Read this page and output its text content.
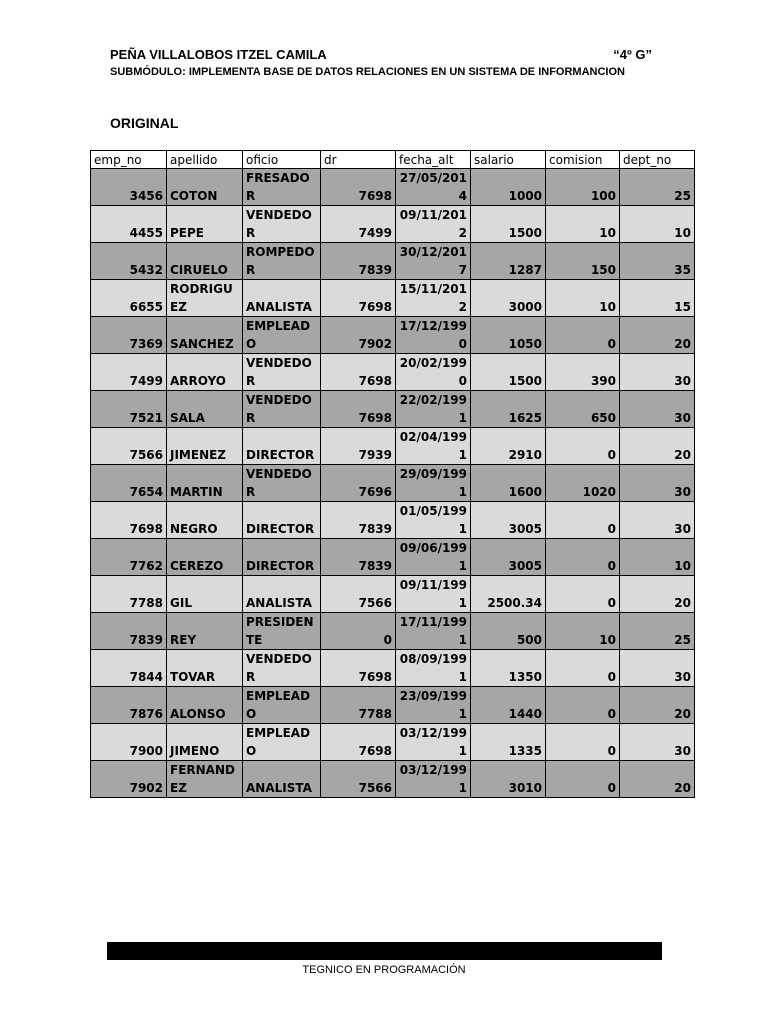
PEÑA VILLALOBOS ITZEL CAMILA	“4º G”
SUBMÓDULO: IMPLEMENTA BASE DE DATOS RELACIONES EN UN SISTEMA DE INFORMANCION
ORIGINAL
emp_no	apellido	oficio	dr	fecha_alt	salario	comision	dept_no
3456	COTON	FRESADOR	7698	27/05/2014	1000	100	25
4455	PEPE	VENDEDOR	7499	09/11/2012	1500	10	10
5432	CIRUELO	ROMPEDOR	7839	30/12/2017	1287	150	35
6655	RODRIGUEZ	ANALISTA	7698	15/11/2012	3000	10	15
7369	SANCHEZ	EMPLEADO	7902	17/12/1990	1050	0	20
7499	ARROYO	VENDEDOR	7698	20/02/1990	1500	390	30
7521	SALA	VENDEDOR	7698	22/02/1991	1625	650	30
7566	JIMENEZ	DIRECTOR	7939	02/04/1991	2910	0	20
7654	MARTIN	VENDEDOR	7696	29/09/1991	1600	1020	30
7698	NEGRO	DIRECTOR	7839	01/05/1991	3005	0	30
7762	CEREZO	DIRECTOR	7839	09/06/1991	3005	0	10
7788	GIL	ANALISTA	7566	09/11/1991	2500.34	0	20
7839	REY	PRESIDENTE	0	17/11/1991	500	10	25
7844	TOVAR	VENDEDOR	7698	08/09/1991	1350	0	30
7876	ALONSO	EMPLEADO	7788	23/09/1991	1440	0	20
7900	JIMENO	EMPLEADO	7698	03/12/1991	1335	0	30
7902	FERNANDEZ	ANALISTA	7566	03/12/1991	3010	0	20
TEGNICO EN PROGRAMACIÓN
